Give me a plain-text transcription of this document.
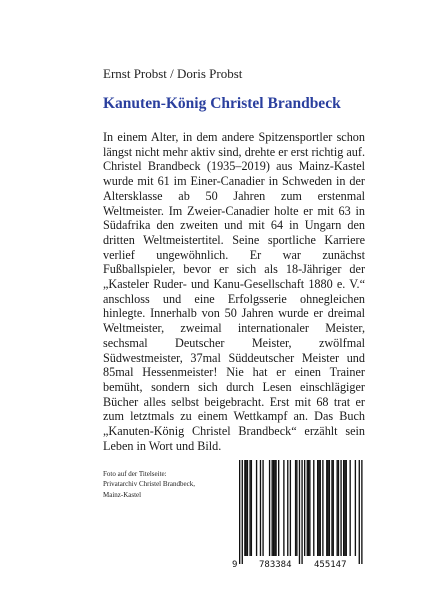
Ernst Probst / Doris Probst
Kanuten-König Christel Brandbeck

In einem Alter, in dem andere Spitzensportler schon längst nicht mehr aktiv sind, drehte er erst richtig auf. Christel Brandbeck (1935–2019) aus Mainz-Kastel wurde mit 61 im Einer-Canadier in Schweden in der Altersklasse ab 50 Jahren zum erstenmal Weltmeister. Im Zweier-Canadier holte er mit 63 in Südafrika den zweiten und mit 64 in Ungarn den dritten Weltmeistertitel. Seine sportliche Karriere verlief ungewöhnlich. Er war zunächst Fußballspieler, bevor er sich als 18-Jähriger der „Kasteler Ruder- und Kanu-Gesellschaft 1880 e. V.“ anschloss und eine Erfolgsserie ohnegleichen hinlegte. Innerhalb von 50 Jahren wurde er dreimal Weltmeister, zweimal internationaler Meister, sechsmal Deutscher Meister, zwölfmal Südwestmeister, 37mal Süddeutscher Meister und 85mal Hessenmeister! Nie hat er einen Trainer bemüht, sondern sich durch Lesen einschlägiger Bücher alles selbst beigebracht. Erst mit 68 trat er zum letztmals zu einem Wettkampf an. Das Buch „Kanuten-König Christel Brandbeck“ erzählt sein Leben in Wort und Bild.

Foto auf der Titelseite:
Privatarchiv Christel Brandbeck,
Mainz-Kastel
9 783384 455147
